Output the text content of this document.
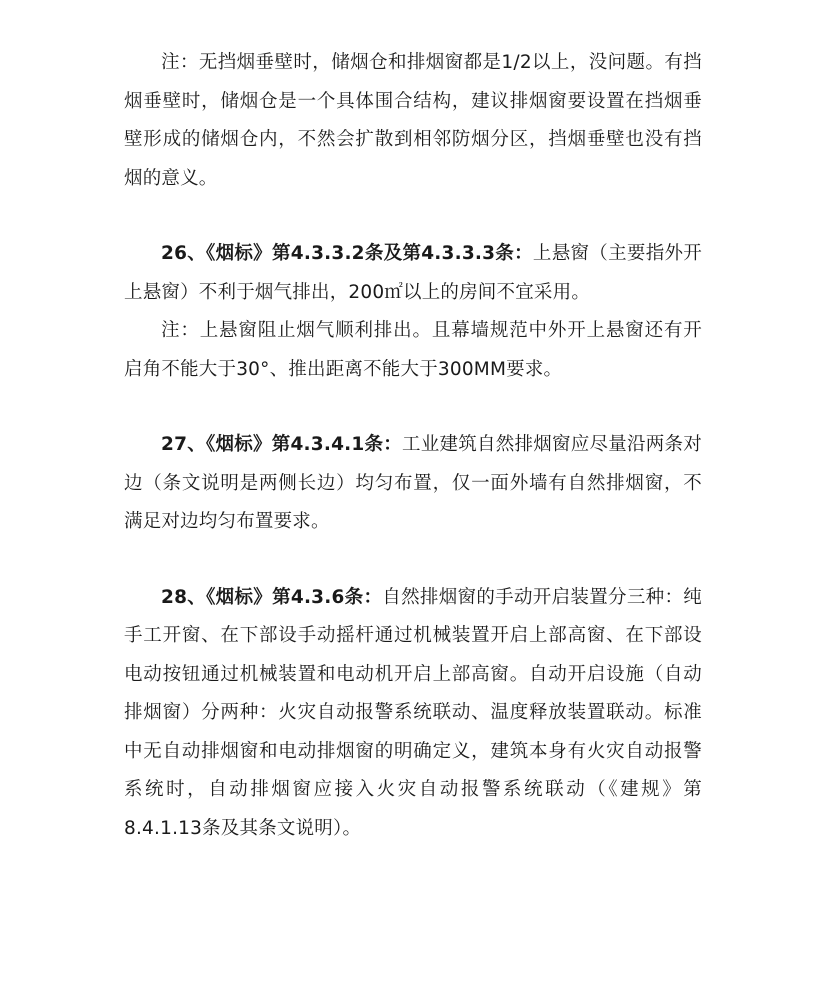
注：无挡烟垂壁时，储烟仓和排烟窗都是1/2以上，没问题。有挡烟垂壁时，储烟仓是一个具体围合结构，建议排烟窗要设置在挡烟垂壁形成的储烟仓内，不然会扩散到相邻防烟分区，挡烟垂壁也没有挡烟的意义。

26、《烟标》第4.3.3.2条及第4.3.3.3条：上悬窗（主要指外开上悬窗）不利于烟气排出，200㎡以上的房间不宜采用。

注：上悬窗阻止烟气顺利排出。且幕墙规范中外开上悬窗还有开启角不能大于30°、推出距离不能大于300MM要求。

27、《烟标》第4.3.4.1条：工业建筑自然排烟窗应尽量沿两条对边（条文说明是两侧长边）均匀布置，仅一面外墙有自然排烟窗，不满足对边均匀布置要求。

28、《烟标》第4.3.6条：自然排烟窗的手动开启装置分三种：纯手工开窗、在下部设手动摇杆通过机械装置开启上部高窗、在下部设电动按钮通过机械装置和电动机开启上部高窗。自动开启设施（自动排烟窗）分两种：火灾自动报警系统联动、温度释放装置联动。标准中无自动排烟窗和电动排烟窗的明确定义，建筑本身有火灾自动报警系统时，自动排烟窗应接入火灾自动报警系统联动（《建规》第8.4.1.13条及其条文说明）。
